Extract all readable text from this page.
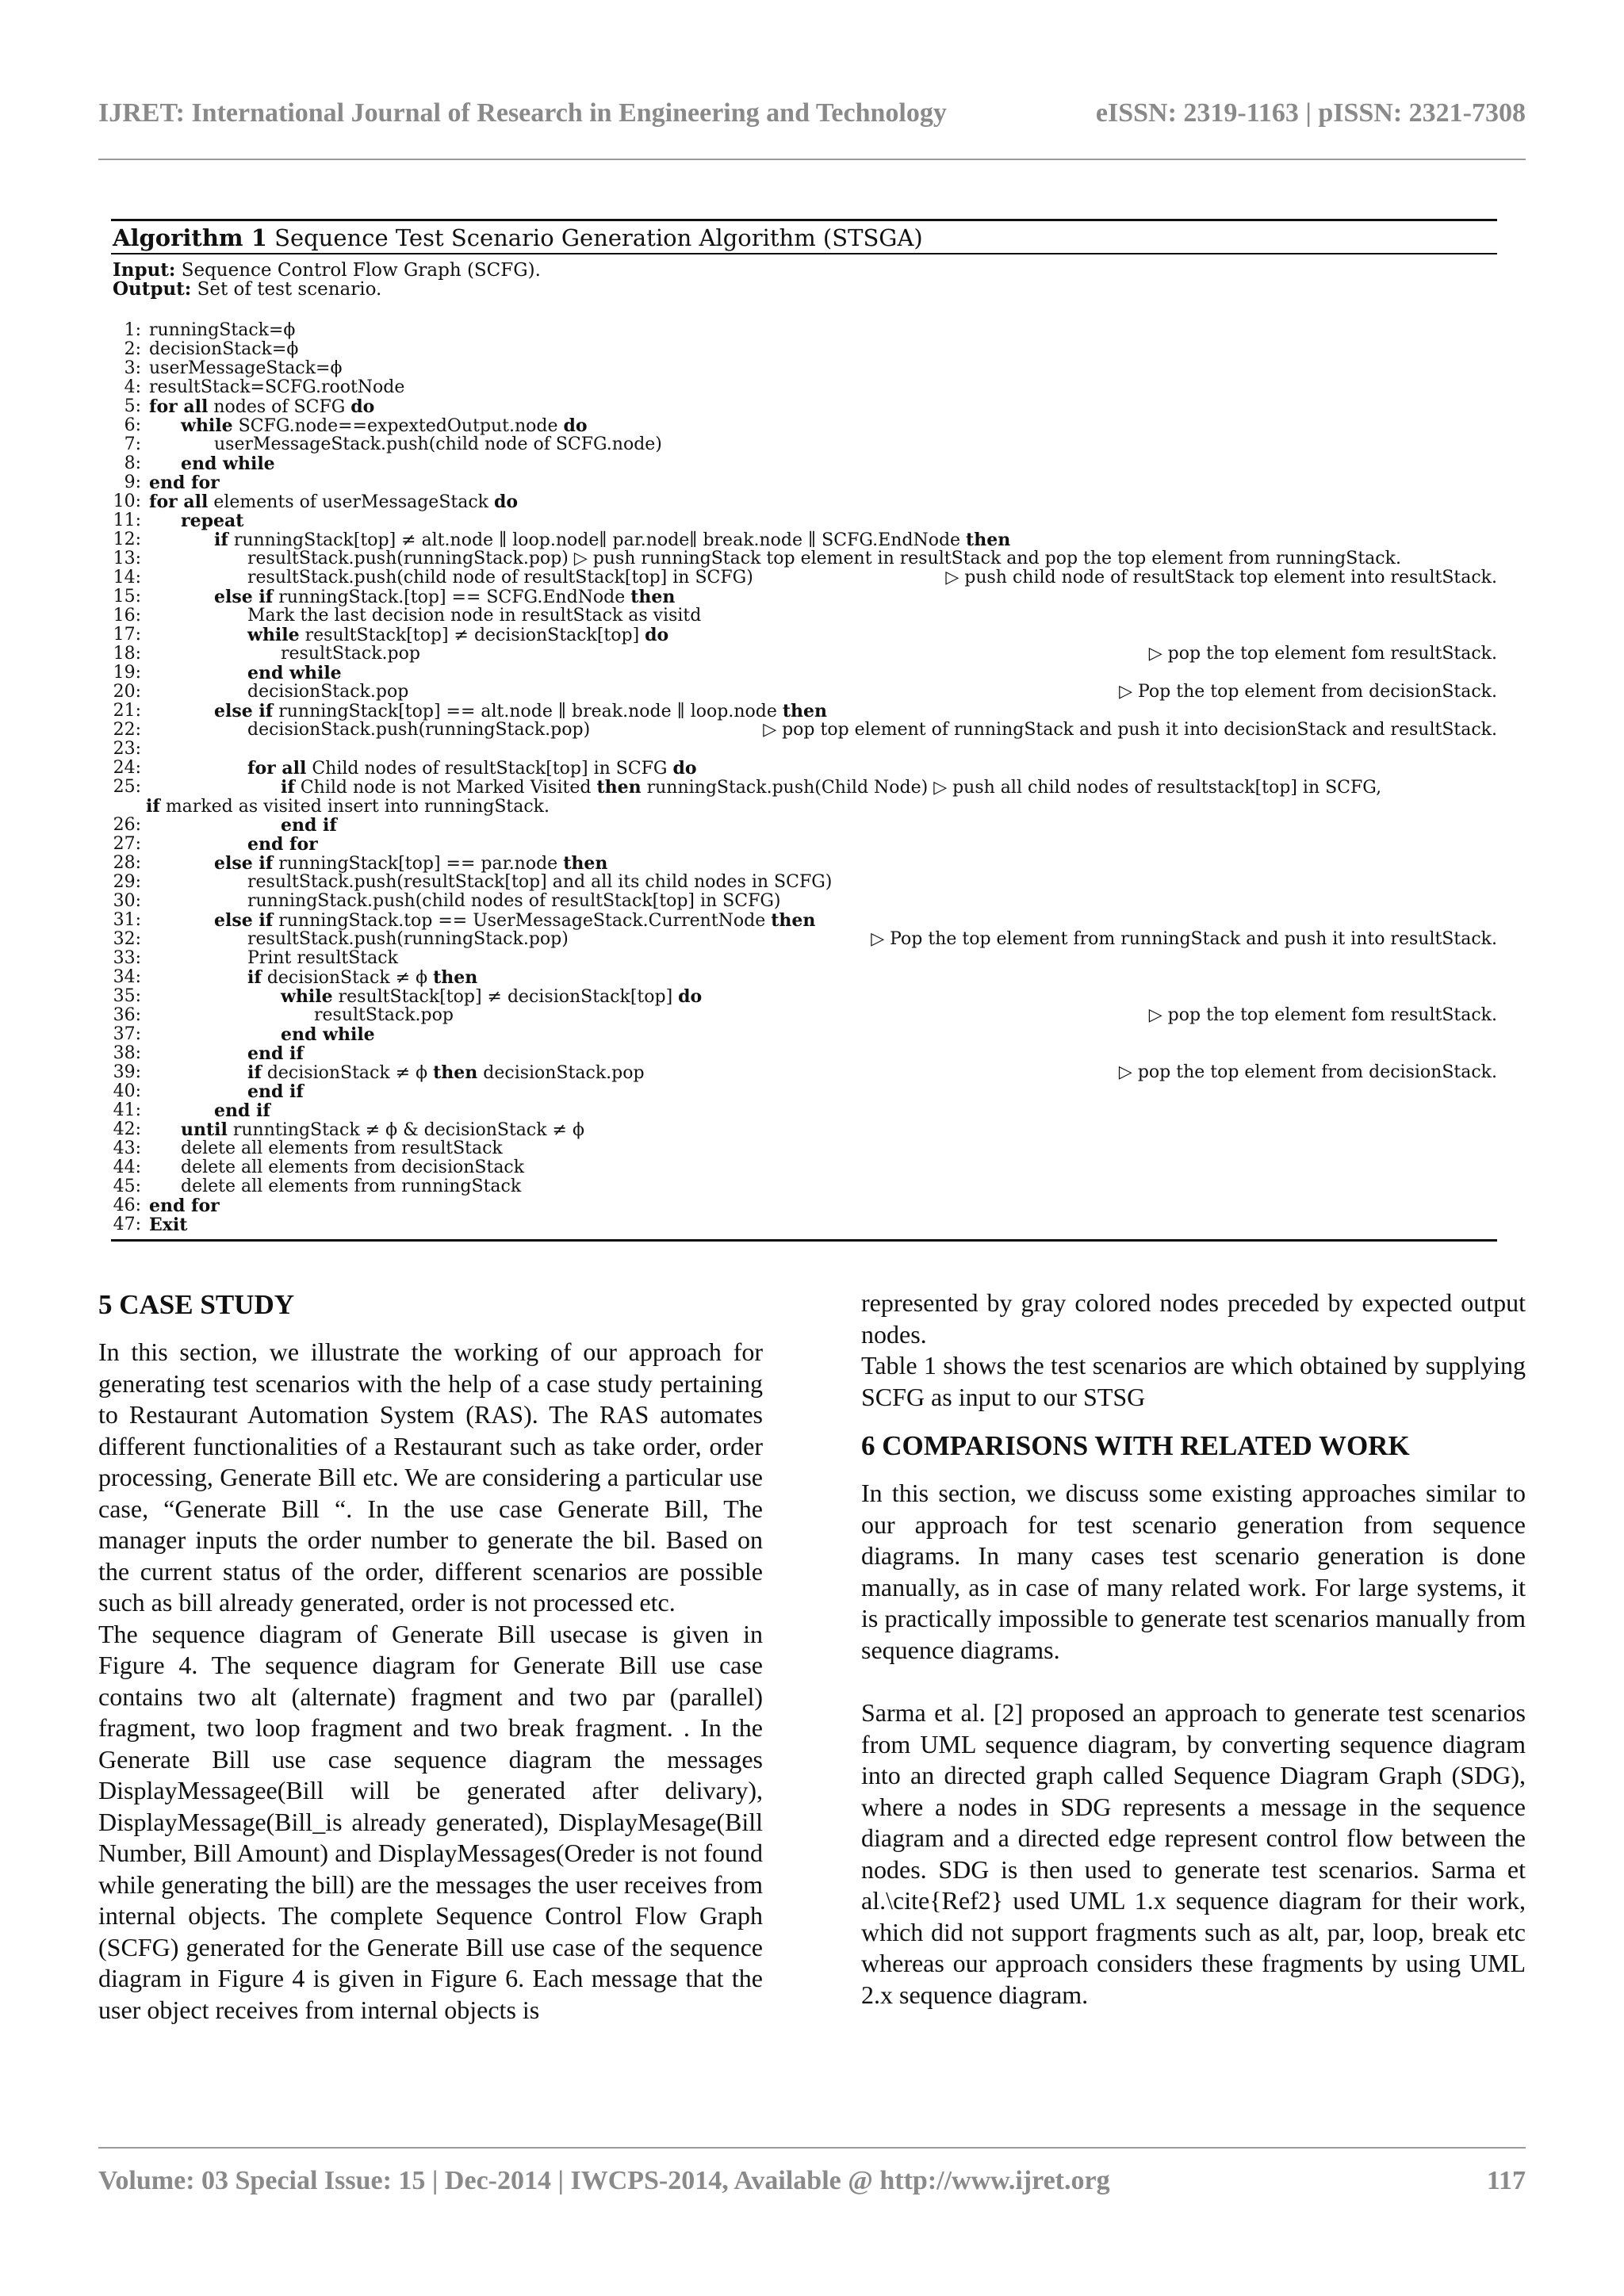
IJRET: International Journal of Research in Engineering and Technology	eISSN: 2319-1163 | pISSN: 2321-7308
Algorithm 1 Sequence Test Scenario Generation Algorithm (STSGA)
Input: Sequence Control Flow Graph (SCFG).
Output: Set of test scenario.
1: runningStack=ϕ
2: decisionStack=ϕ
3: userMessageStack=ϕ
4: resultStack=SCFG.rootNode
5: for all nodes of SCFG do
6: while SCFG.node==expextedOutput.node do
7:	userMessageStack.push(child node of SCFG.node)
8: end while
9: end for
10: for all elements of userMessageStack do
11: repeat
12:	if runningStack[top] ≠ alt.node ∥ loop.node∥ par.node∥ break.node ∥ SCFG.EndNode then
13:	resultStack.push(runningStack.pop) ▷ push runningStack top element in resultStack and pop the top element from runningStack.
14:	resultStack.push(child node of resultStack[top] in SCFG)	▷ push child node of resultStack top element into resultStack.
15:	else if runningStack.[top] == SCFG.EndNode then
16:	Mark the last decision node in resultStack as visitd
17:	while resultStack[top] ≠ decisionStack[top] do
18:	resultStack.pop	▷ pop the top element fom resultStack.
19:	end while
20:	decisionStack.pop	▷ Pop the top element from decisionStack.
21:	else if runningStack[top] == alt.node ∥ break.node ∥ loop.node then
22:	decisionStack.push(runningStack.pop)	▷ pop top element of runningStack and push it into decisionStack and resultStack.
23:
24:	for all Child nodes of resultStack[top] in SCFG do
25:	if Child node is not Marked Visited then runningStack.push(Child Node) ▷ push all child nodes of resultstack[top] in SCFG,
if marked as visited insert into runningStack.
26:	end if
27:	end for
28:	else if runningStack[top] == par.node then
29:	resultStack.push(resultStack[top] and all its child nodes in SCFG)
30:	runningStack.push(child nodes of resultStack[top] in SCFG)
31:	else if runningStack.top == UserMessageStack.CurrentNode then
32:	resultStack.push(runningStack.pop)	▷ Pop the top element from runningStack and push it into resultStack.
33:	Print resultStack
34:	if decisionStack ≠ ϕ then
35:	while resultStack[top] ≠ decisionStack[top] do
36:	resultStack.pop	▷ pop the top element fom resultStack.
37:	end while
38:	end if
39:	if decisionStack ≠ ϕ then decisionStack.pop	▷ pop the top element from decisionStack.
40:	end if
41:	end if
42: until runntingStack ≠ ϕ & decisionStack ≠ ϕ
43: delete all elements from resultStack
44: delete all elements from decisionStack
45: delete all elements from runningStack
46: end for
47: Exit
5 CASE STUDY

In this section, we illustrate the working of our approach for generating test scenarios with the help of a case study pertaining to Restaurant Automation System (RAS). The RAS automates different functionalities of a Restaurant such as take order, order processing, Generate Bill etc. We are considering a particular use case, “Generate Bill “. In the use case Generate Bill, The manager inputs the order number to generate the bil. Based on the current status of the order, different scenarios are possible such as bill already generated, order is not processed etc.

The sequence diagram of Generate Bill usecase is given in Figure 4. The sequence diagram for Generate Bill use case contains two alt (alternate) fragment and two par (parallel) fragment, two loop fragment and two break fragment. . In the Generate Bill use case sequence diagram the messages DisplayMessagee(Bill will be generated after delivary), DisplayMessage(Bill_is already generated), DisplayMesage(Bill Number, Bill Amount) and DisplayMessages(Oreder is not found while generating the bill) are the messages the user receives from internal objects. The complete Sequence Control Flow Graph (SCFG) generated for the Generate Bill use case of the sequence diagram in Figure 4 is given in Figure 6. Each message that the user object receives from internal objects is

represented by gray colored nodes preceded by expected output nodes.

Table 1 shows the test scenarios are which obtained by supplying SCFG as input to our STSG

6 COMPARISONS WITH RELATED WORK

In this section, we discuss some existing approaches similar to our approach for test scenario generation from sequence diagrams. In many cases test scenario generation is done manually, as in case of many related work. For large systems, it is practically impossible to generate test scenarios manually from sequence diagrams.

Sarma et al. [2] proposed an approach to generate test scenarios from UML sequence diagram, by converting sequence diagram into an directed graph called Sequence Diagram Graph (SDG), where a nodes in SDG represents a message in the sequence diagram and a directed edge represent control flow between the nodes. SDG is then used to generate test scenarios. Sarma et al.\cite{Ref2} used UML 1.x sequence diagram for their work, which did not support fragments such as alt, par, loop, break etc whereas our approach considers these fragments by using UML 2.x sequence diagram.

Volume: 03 Special Issue: 15 | Dec-2014 | IWCPS-2014, Available @ http://www.ijret.org	117
